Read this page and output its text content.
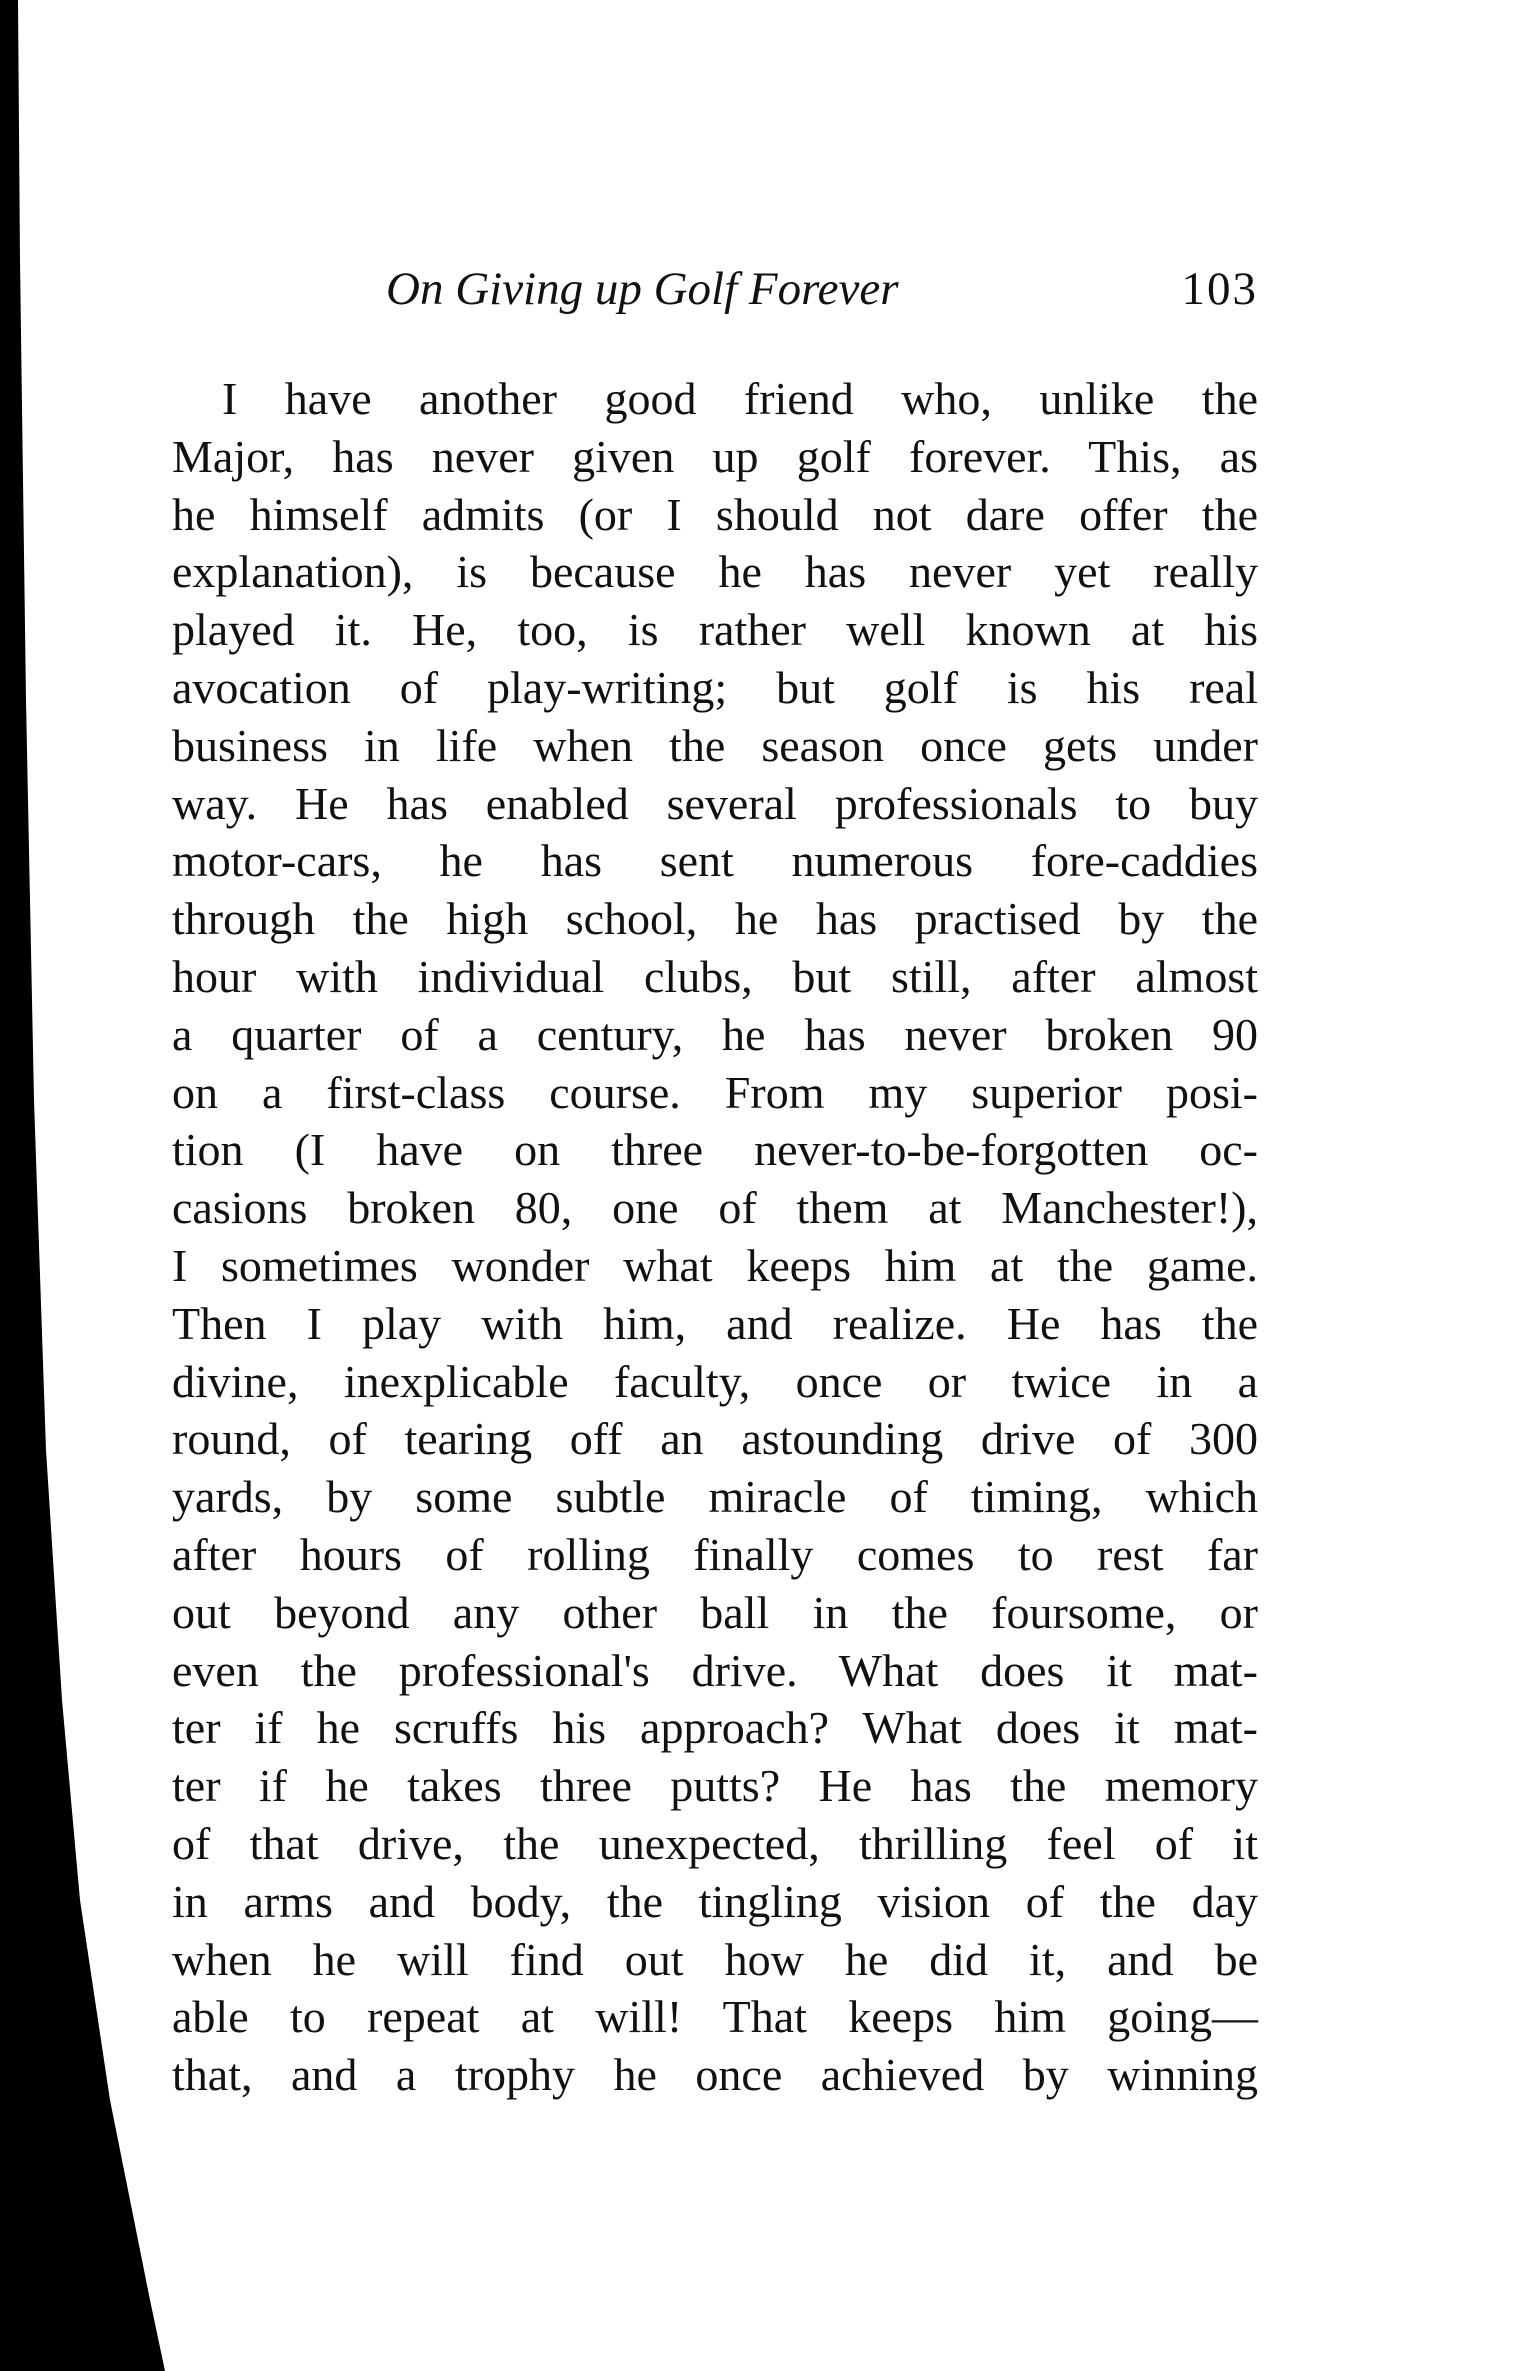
On Giving up Golf Forever	103
I have another good friend who, unlike the
Major, has never given up golf forever. This, as
he himself admits (or I should not dare offer the
explanation), is because he has never yet really
played it. He, too, is rather well known at his
avocation of play-writing; but golf is his real
business in life when the season once gets under
way. He has enabled several professionals to buy
motor-cars, he has sent numerous fore-caddies
through the high school, he has practised by the
hour with individual clubs, but still, after almost
a quarter of a century, he has never broken 90
on a first-class course. From my superior posi-
tion (I have on three never-to-be-forgotten oc-
casions broken 80, one of them at Manchester!),
I sometimes wonder what keeps him at the game.
Then I play with him, and realize. He has the
divine, inexplicable faculty, once or twice in a
round, of tearing off an astounding drive of 300
yards, by some subtle miracle of timing, which
after hours of rolling finally comes to rest far
out beyond any other ball in the foursome, or
even the professional's drive. What does it mat-
ter if he scruffs his approach? What does it mat-
ter if he takes three putts? He has the memory
of that drive, the unexpected, thrilling feel of it
in arms and body, the tingling vision of the day
when he will find out how he did it, and be
able to repeat at will! That keeps him going—
that, and a trophy he once achieved by winning
